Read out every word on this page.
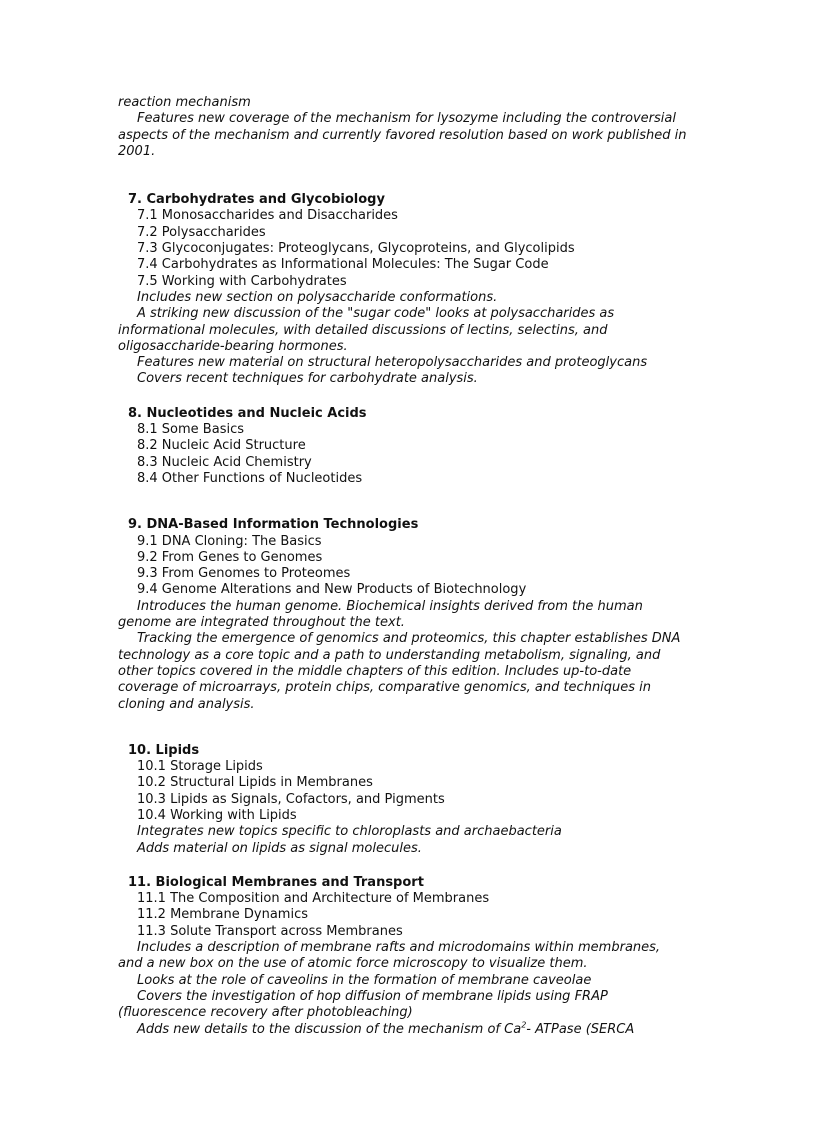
reaction mechanism
Features new coverage of the mechanism for lysozyme including the controversial
aspects of the mechanism and currently favored resolution based on work published in
2001.
7. Carbohydrates and Glycobiology
7.1 Monosaccharides and Disaccharides
7.2 Polysaccharides
7.3 Glycoconjugates: Proteoglycans, Glycoproteins, and Glycolipids
7.4 Carbohydrates as Informational Molecules: The Sugar Code
7.5 Working with Carbohydrates
Includes new section on polysaccharide conformations.
A striking new discussion of the "sugar code" looks at polysaccharides as
informational molecules, with detailed discussions of lectins, selectins, and
oligosaccharide-bearing hormones.
Features new material on structural heteropolysaccharides and proteoglycans
Covers recent techniques for carbohydrate analysis.
8. Nucleotides and Nucleic Acids
8.1 Some Basics
8.2 Nucleic Acid Structure
8.3 Nucleic Acid Chemistry
8.4 Other Functions of Nucleotides
9. DNA-Based Information Technologies
9.1 DNA Cloning: The Basics
9.2 From Genes to Genomes
9.3 From Genomes to Proteomes
9.4 Genome Alterations and New Products of Biotechnology
Introduces the human genome. Biochemical insights derived from the human
genome are integrated throughout the text.
Tracking the emergence of genomics and proteomics, this chapter establishes DNA
technology as a core topic and a path to understanding metabolism, signaling, and
other topics covered in the middle chapters of this edition. Includes up-to-date
coverage of microarrays, protein chips, comparative genomics, and techniques in
cloning and analysis.
10. Lipids
10.1 Storage Lipids
10.2 Structural Lipids in Membranes
10.3 Lipids as Signals, Cofactors, and Pigments
10.4 Working with Lipids
Integrates new topics specific to chloroplasts and archaebacteria
Adds material on lipids as signal molecules.
11. Biological Membranes and Transport
11.1 The Composition and Architecture of Membranes
11.2 Membrane Dynamics
11.3 Solute Transport across Membranes
Includes a description of membrane rafts and microdomains within membranes,
and a new box on the use of atomic force microscopy to visualize them.
Looks at the role of caveolins in the formation of membrane caveolae
Covers the investigation of hop diffusion of membrane lipids using FRAP
(fluorescence recovery after photobleaching)
Adds new details to the discussion of the mechanism of Ca$^2$- ATPase (SERCA
